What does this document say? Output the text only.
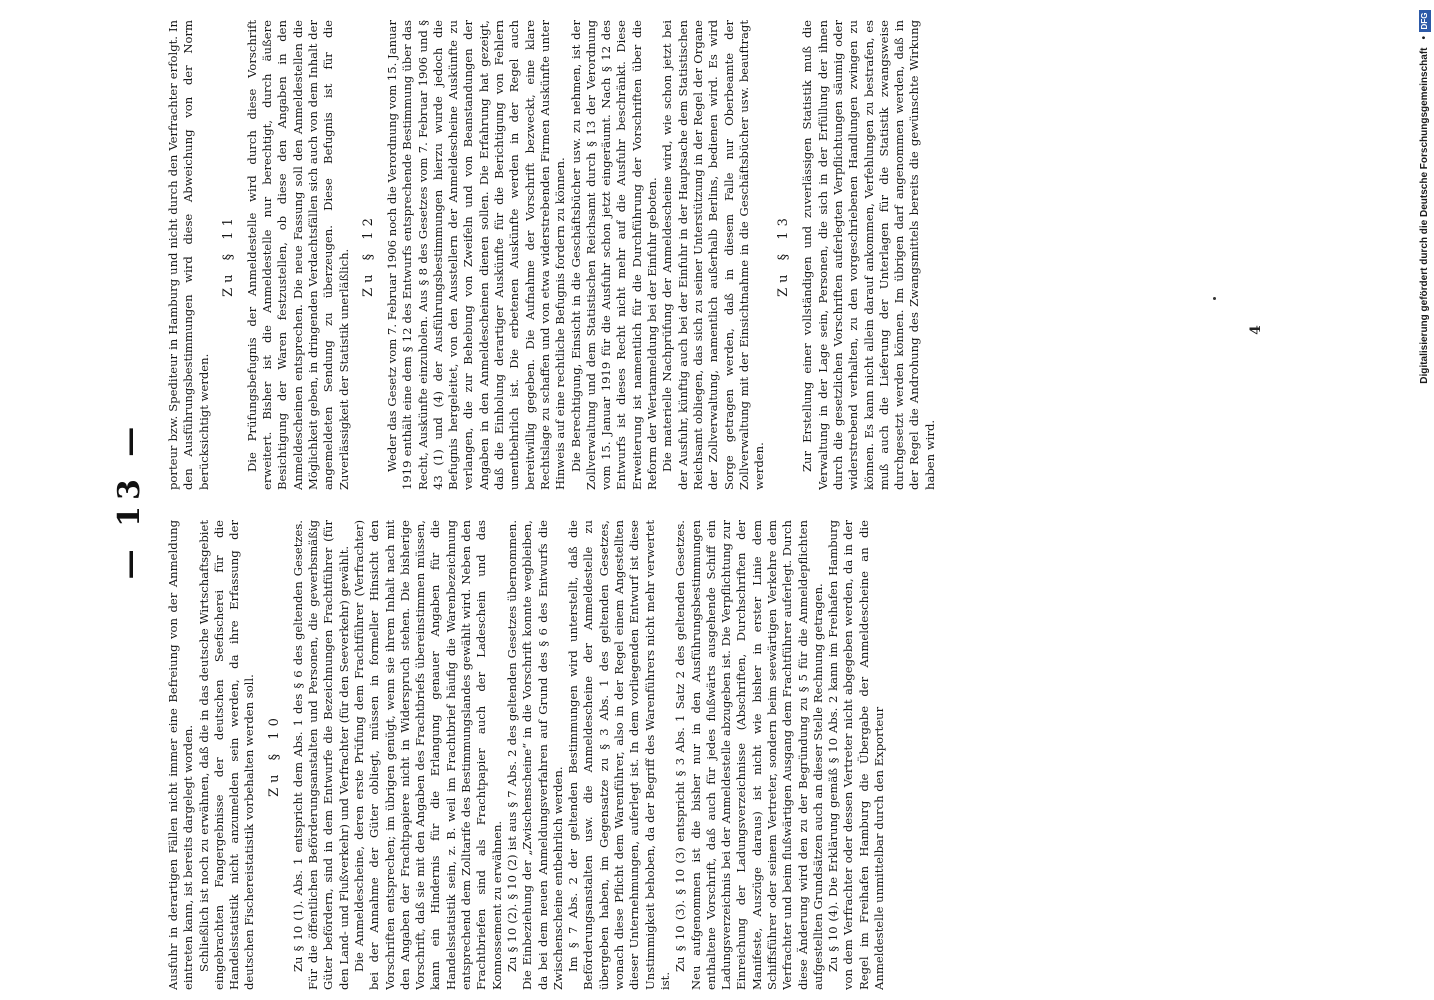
— 13 —

Ausfuhr in derartigen Fällen nicht immer eine Befreiung von der Anmeldung eintreten kann, ist bereits dargelegt worden. Schließlich ist noch zu erwähnen, daß die in das deutsche Wirtschaftsgebiet eingebrachten Fangergebnisse der deutschen Seefischerei für die Handelsstatistik nicht anzumelden sein werden, da ihre Erfassung der deutschen Fischereistatistik vorbehalten werden soll. Zu § 10 Zu § 10 (1). Abs. 1 entspricht dem Abs. 1 des § 6 des geltenden Gesetzes. Für die öffentlichen Beförderungsanstalten und Personen, die gewerbsmäßig Güter befördern, sind in dem Entwurfe die Bezeichnungen Frachtführer (für den Land- und Flußverkehr) und Verfrachter (für den Seeverkehr) gewählt. Die Anmeldescheine, deren erste Prüfung dem Frachtführer (Verfrachter) bei der Annahme der Güter obliegt, müssen in formeller Hinsicht den Vorschriften entsprechen; im übrigen genügt, wenn sie ihrem Inhalt nach mit den Angaben der Frachtpapiere nicht in Widerspruch stehen. Die bisherige Vorschrift, daß sie mit den Angaben des Frachtbriefs übereinstimmen müssen, kann ein Hindernis für die Erlangung genauer Angaben für die Handelsstatistik sein, z. B. weil im Frachtbrief häufig die Warenbezeichnung entsprechend dem Zolltarife des Bestimmungslandes gewählt wird. Neben den Frachtbriefen sind als Frachtpapier auch der Ladeschein und das Konnossement zu erwähnen. Zu § 10 (2). § 10 (2) ist aus § 7 Abs. 2 des geltenden Gesetzes übernommen. Die Einbeziehung der „Zwischenscheine“ in die Vorschrift konnte wegbleiben, da bei dem neuen Anmeldungsverfahren auf Grund des § 6 des Entwurfs die Zwischenscheine entbehrlich werden. Im § 7 Abs. 2 der geltenden Bestimmungen wird unterstellt, daß die Beförderungsanstalten usw. die Anmeldescheine der Anmeldestelle zu übergeben haben, im Gegensatze zu § 3 Abs. 1 des geltenden Gesetzes, wonach diese Pflicht dem Warenführer, also in der Regel einem Angestellten dieser Unternehmungen, auferlegt ist. In dem vorliegenden Entwurf ist diese Unstimmigkeit behoben, da der Begriff des Warenführers nicht mehr verwertet ist.

Zu § 10 (3). § 10 (3) entspricht § 3 Abs. 1 Satz 2 des geltenden Gesetzes. Neu aufgenommen ist die bisher nur in den Ausführungsbestimmungen enthaltene Vorschrift, daß auch für jedes flußwärts ausgehende Schiff ein Ladungsverzeichnis bei der Anmeldestelle abzugeben ist. Die Verpflichtung zur Einreichung der Ladungsverzeichnisse (Abschriften, Durchschriften der Manifeste, Auszüge daraus) ist nicht wie bisher in erster Linie dem Schiffsführer oder seinem Vertreter, sondern beim seewärtigen Verkehre dem Verfrachter und beim flußwärtigen Ausgang dem Frachtführer auferlegt. Durch diese Änderung wird den zu der Begründung zu § 5 für die Anmeldepflichten aufgestellten Grundsätzen auch an dieser Stelle Rechnung getragen. Zu § 10 (4). Die Erklärung gemäß § 10 Abs. 2 kann im Freihafen Hamburg von dem Verfrachter oder dessen Vertreter nicht abgegeben werden, da in der Regel im Freihafen Hamburg die Übergabe der Anmeldescheine an die Anmeldestelle unmittelbar durch den Exporteur

porteur bzw. Spediteur in Hamburg und nicht durch den Verfrachter erfolgt. In den Ausführungsbestimmungen wird diese Abweichung von der Norm berücksichtigt werden.

Zu § 11 Die Prüfungsbefugnis der Anmeldestelle wird durch diese Vorschrift erweitert. Bisher ist die Anmeldestelle nur berechtigt, durch äußere Besichtigung der Waren festzustellen, ob diese den Angaben in den Anmeldescheinen entsprechen. Die neue Fassung soll den Anmeldestellen die Möglichkeit geben, in dringenden Verdachtsfällen sich auch von dem Inhalt der angemeldeten Sendung zu überzeugen. Diese Befugnis ist für die Zuverlässigkeit der Statistik unerläßlich. Zu § 12 Weder das Gesetz vom 7. Februar 1906 noch die Verordnung vom 15. Januar 1919 enthält eine dem § 12 des Entwurfs entsprechende Bestimmung über das Recht, Auskünfte einzuholen. Aus § 8 des Gesetzes vom 7. Februar 1906 und § 43 (1) und (4) der Ausführungsbestimmungen hierzu wurde jedoch die Befugnis hergeleitet, von den Ausstellern der Anmeldescheine Auskünfte zu verlangen, die zur Behebung von Zweifeln und von Beanstandungen der Angaben in den Anmeldescheinen dienen sollen. Die Erfahrung hat gezeigt, daß die Einholung derartiger Auskünfte für die Berichtigung von Fehlern unentbehrlich ist. Die erbetenen Auskünfte werden in der Regel auch bereitwillig gegeben. Die Aufnahme der Vorschrift bezweckt, eine klare Rechtslage zu schaffen und von etwa widerstrebenden Firmen Auskünfte unter Hinweis auf eine rechtliche Befugnis fordern zu können. Die Berechtigung, Einsicht in die Geschäftsbücher usw. zu nehmen, ist der Zollverwaltung und dem Statistischen Reichsamt durch § 13 der Verordnung vom 15. Januar 1919 für die Ausfuhr schon jetzt eingeräumt. Nach § 12 des Entwurfs ist dieses Recht nicht mehr auf die Ausfuhr beschränkt. Diese Erweiterung ist namentlich für die Durchführung der Vorschriften über die Reform der Wertanmeldung bei der Einfuhr geboten. Die materielle Nachprüfung der Anmeldescheine wird, wie schon jetzt bei der Ausfuhr, künftig auch bei der Einfuhr in der Hauptsache dem Statistischen Reichsamt obliegen, das sich zu seiner Unterstützung in der Regel der Organe der Zollverwaltung, namentlich außerhalb Berlins, bedienen wird. Es wird Sorge getragen werden, daß in diesem Falle nur Oberbeamte der Zollverwaltung mit der Einsichtnahme in die Geschäftsbücher usw. beauftragt werden.

Zu § 13 Zur Erstellung einer vollständigen und zuverlässigen Statistik muß die Verwaltung in der Lage sein, Personen, die sich in der Erfüllung der ihnen durch die gesetzlichen Vorschriften auferlegten Verpflichtungen säumig oder widerstrebend verhalten, zu den vorgeschriebenen Handlungen zwingen zu können. Es kann nicht allein darauf ankommen, Verfehlungen zu bestrafen, es muß auch die Lieferung der Unterlagen für die Statistik zwangsweise durchgesetzt werden können. Im übrigen darf angenommen werden, daß in der Regel die Androhung des Zwangsmittels bereits die gewünschte Wirkung haben wird.

4	Digitalisierung gefördert durch die Deutsche Forschungsgemeinschaft
•
DFG
